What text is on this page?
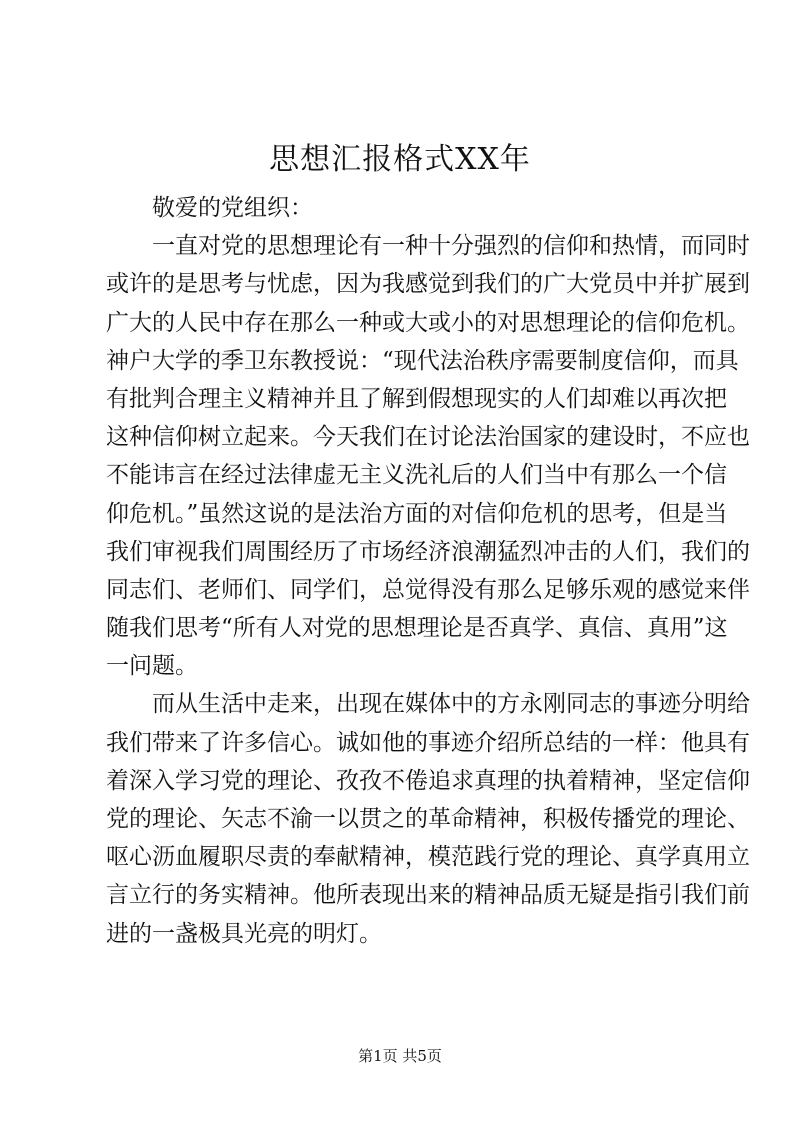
思想汇报格式XX年
敬爱的党组织：
一直对党的思想理论有一种十分强烈的信仰和热情，而同时
或许的是思考与忧虑，因为我感觉到我们的广大党员中并扩展到
广大的人民中存在那么一种或大或小的对思想理论的信仰危机。
神户大学的季卫东教授说：“现代法治秩序需要制度信仰，而具
有批判合理主义精神并且了解到假想现实的人们却难以再次把
这种信仰树立起来。今天我们在讨论法治国家的建设时，不应也
不能讳言在经过法律虚无主义洗礼后的人们当中有那么一个信
仰危机。”虽然这说的是法治方面的对信仰危机的思考，但是当
我们审视我们周围经历了市场经济浪潮猛烈冲击的人们，我们的
同志们、老师们、同学们，总觉得没有那么足够乐观的感觉来伴
随我们思考“所有人对党的思想理论是否真学、真信、真用”这
一问题。
而从生活中走来，出现在媒体中的方永刚同志的事迹分明给
我们带来了许多信心。诚如他的事迹介绍所总结的一样：他具有
着深入学习党的理论、孜孜不倦追求真理的执着精神，坚定信仰
党的理论、矢志不渝一以贯之的革命精神，积极传播党的理论、
呕心沥血履职尽责的奉献精神，模范践行党的理论、真学真用立
言立行的务实精神。他所表现出来的精神品质无疑是指引我们前
进的一盏极具光亮的明灯。
第1页 共5页
